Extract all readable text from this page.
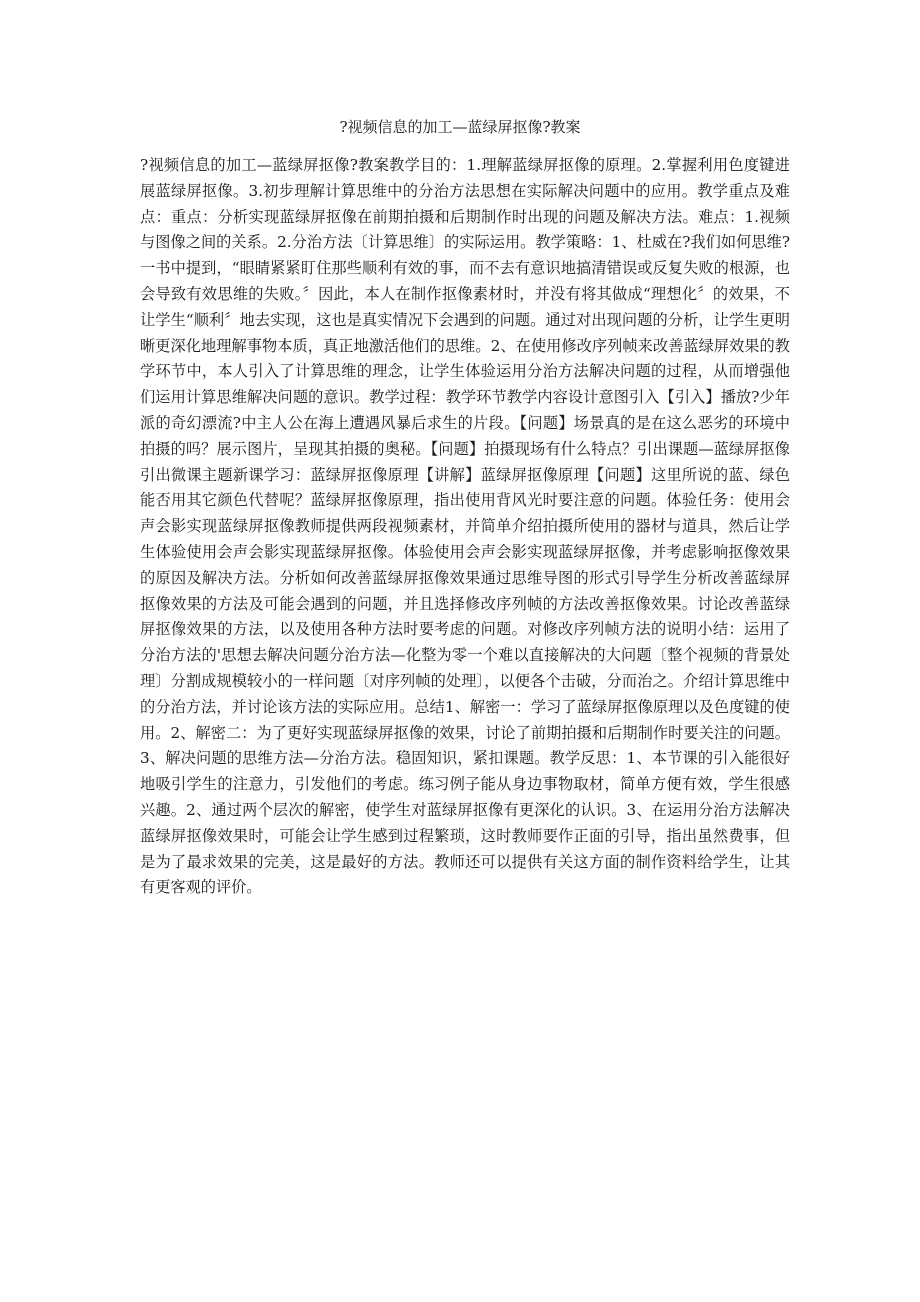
?视频信息的加工—蓝绿屏抠像?教案

?视频信息的加工—蓝绿屏抠像?教案教学目的：1.理解蓝绿屏抠像的原理。2.掌握利用色度键进展蓝绿屏抠像。3.初步理解计算思维中的分治方法思想在实际解决问题中的应用。教学重点及难点：重点：分析实现蓝绿屏抠像在前期拍摄和后期制作时出现的问题及解决方法。难点：1.视频与图像之间的关系。2.分治方法〔计算思维〕的实际运用。教学策略：1、杜威在?我们如何思维?一书中提到，“眼睛紧紧盯住那些顺利有效的事，而不去有意识地搞清错误或反复失败的根源，也会导致有效思维的失败。〞因此，本人在制作抠像素材时，并没有将其做成“理想化〞的效果，不让学生“顺利〞地去实现，这也是真实情况下会遇到的问题。通过对出现问题的分析，让学生更明晰更深化地理解事物本质，真正地激活他们的思维。2、在使用修改序列帧来改善蓝绿屏效果的教学环节中，本人引入了计算思维的理念，让学生体验运用分治方法解决问题的过程，从而增强他们运用计算思维解决问题的意识。教学过程：教学环节教学内容设计意图引入【引入】播放?少年派的奇幻漂流?中主人公在海上遭遇风暴后求生的片段。【问题】场景真的是在这么恶劣的环境中拍摄的吗？展示图片，呈现其拍摄的奥秘。【问题】拍摄现场有什么特点？引出课题—蓝绿屏抠像引出微课主题新课学习：蓝绿屏抠像原理【讲解】蓝绿屏抠像原理【问题】这里所说的蓝、绿色能否用其它颜色代替呢？蓝绿屏抠像原理，指出使用背风光时要注意的问题。体验任务：使用会声会影实现蓝绿屏抠像教师提供两段视频素材，并简单介绍拍摄所使用的器材与道具，然后让学生体验使用会声会影实现蓝绿屏抠像。体验使用会声会影实现蓝绿屏抠像，并考虑影响抠像效果的原因及解决方法。分析如何改善蓝绿屏抠像效果通过思维导图的形式引导学生分析改善蓝绿屏抠像效果的方法及可能会遇到的问题，并且选择修改序列帧的方法改善抠像效果。讨论改善蓝绿屏抠像效果的方法，以及使用各种方法时要考虑的问题。对修改序列帧方法的说明小结：运用了分治方法的'思想去解决问题分治方法—化整为零一个难以直接解决的大问题〔整个视频的背景处理〕分割成规模较小的一样问题〔对序列帧的处理〕，以便各个击破，分而治之。介绍计算思维中的分治方法，并讨论该方法的实际应用。总结1、解密一：学习了蓝绿屏抠像原理以及色度键的使用。2、解密二：为了更好实现蓝绿屏抠像的效果，讨论了前期拍摄和后期制作时要关注的问题。3、解决问题的思维方法—分治方法。稳固知识，紧扣课题。教学反思：1、本节课的引入能很好地吸引学生的注意力，引发他们的考虑。练习例子能从身边事物取材，简单方便有效，学生很感兴趣。2、通过两个层次的解密，使学生对蓝绿屏抠像有更深化的认识。3、在运用分治方法解决蓝绿屏抠像效果时，可能会让学生感到过程繁琐，这时教师要作正面的引导，指出虽然费事，但是为了最求效果的完美，这是最好的方法。教师还可以提供有关这方面的制作资料给学生，让其有更客观的评价。
